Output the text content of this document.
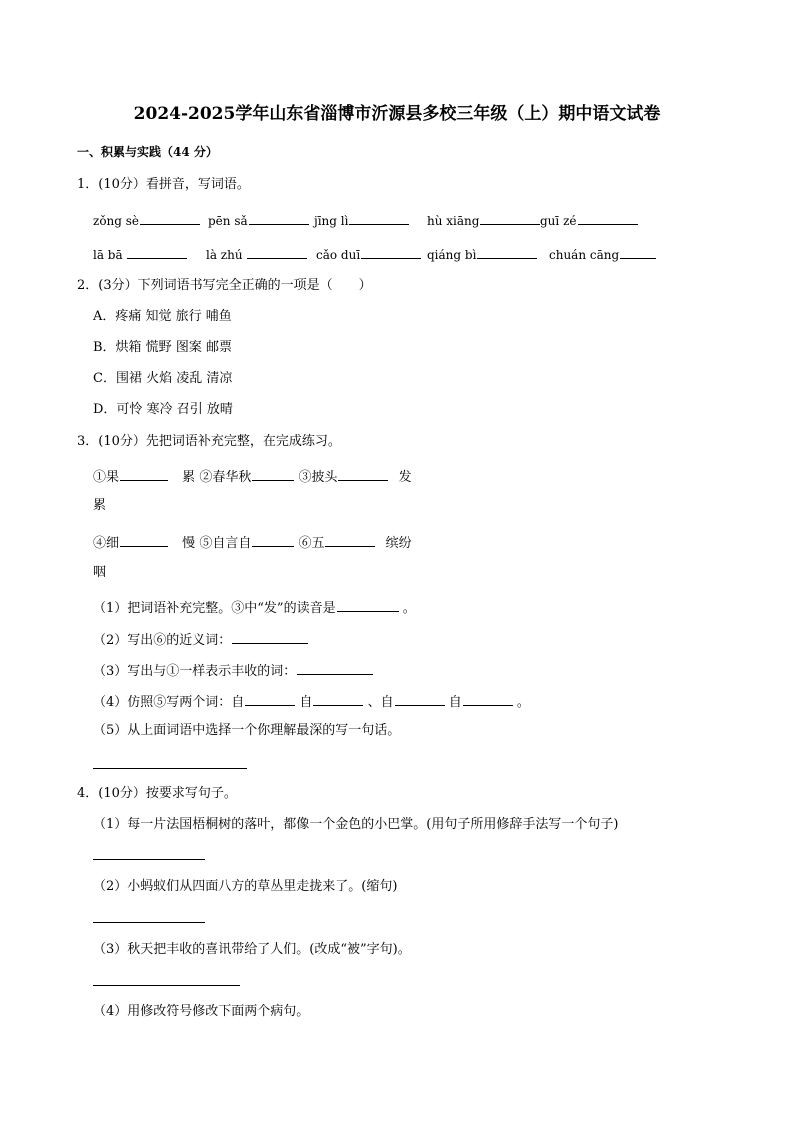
2024-2025学年山东省淄博市沂源县多校三年级（上）期中语文试卷
一、积累与实践（44 分）
1．(10分）看拼音，写词语。
zǒng sè	pēn sǎ	jīng lì	hù xiāng	guī zé
lā bā	là zhú	cǎo duī	qiáng bì	chuán cāng
2．(3分）下列词语书写完全正确的一项是（　　）
A．疼痛 知觉 旅行 哺鱼
B．烘箱 慌野 图案 邮票
C．围裙 火焰 凌乱 清凉
D．可怜 寒冷 召引 放晴
3．(10分）先把词语补充完整，在完成练习。
①果	累 ②春华秋	③披头	发
累
④细	慢 ⑤自言自	⑥五	缤纷
咽
（1）把词语补充完整。③中“发”的读音是	。
（2）写出⑥的近义词：
（3）写出与①一样表示丰收的词：
（4）仿照⑤写两个词：自	自	、自	自	。
（5）从上面词语中选择一个你理解最深的写一句话。
4．(10分）按要求写句子。
（1）每一片法国梧桐树的落叶，都像一个金色的小巴掌。(用句子所用修辞手法写一个句子)
（2）小蚂蚁们从四面八方的草丛里走拢来了。(缩句)
（3）秋天把丰收的喜讯带给了人们。(改成“被”字句)。
（4）用修改符号修改下面两个病句。
